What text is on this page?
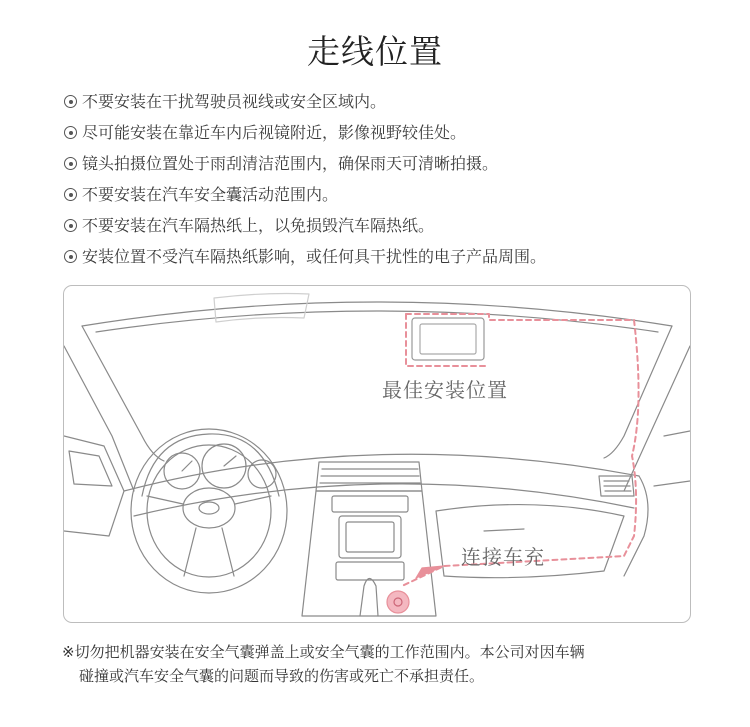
走线位置
不要安装在干扰驾驶员视线或安全区域内。
尽可能安装在靠近车内后视镜附近，影像视野较佳处。
镜头拍摄位置处于雨刮清洁范围内，确保雨天可清晰拍摄。
不要安装在汽车安全囊活动范围内。
不要安装在汽车隔热纸上，以免损毁汽车隔热纸。
安装位置不受汽车隔热纸影响，或任何具干扰性的电子产品周围。
最佳安装位置
连接车充
※切勿把机器安装在安全气囊弹盖上或安全气囊的工作范围内。本公司对因车辆
碰撞或汽车安全气囊的问题而导致的伤害或死亡不承担责任。
